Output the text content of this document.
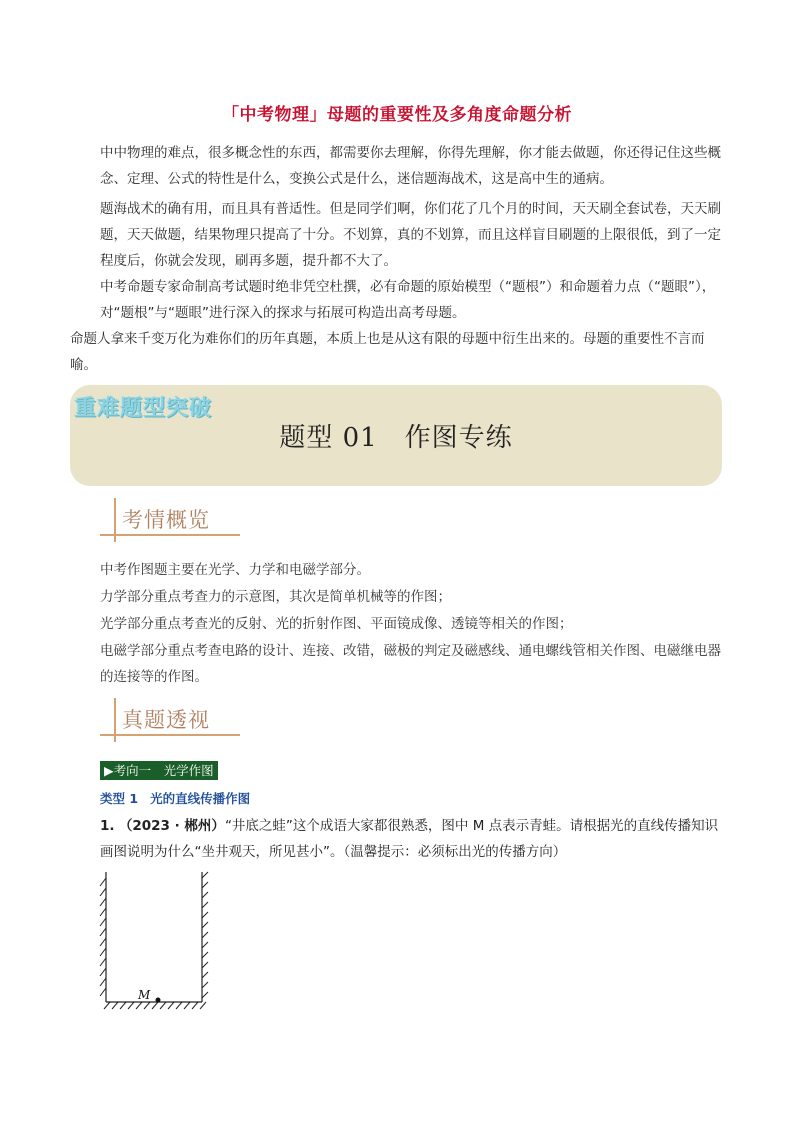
「中考物理」母题的重要性及多角度命题分析
中中物理的难点，很多概念性的东西，都需要你去理解，你得先理解，你才能去做题，你还得记住这些概念、定理、公式的特性是什么，变换公式是什么，迷信题海战术，这是高中生的通病。
题海战术的确有用，而且具有普适性。但是同学们啊，你们花了几个月的时间，天天刷全套试卷，天天刷题，天天做题，结果物理只提高了十分。不划算，真的不划算，而且这样盲目刷题的上限很低，到了一定程度后，你就会发现，刷再多题，提升都不大了。
中考命题专家命制高考试题时绝非凭空杜撰，必有命题的原始模型（“题根”）和命题着力点（“题眼”），对“题根”与“题眼”进行深入的探求与拓展可构造出高考母题。
命题人拿来千变万化为难你们的历年真题，本质上也是从这有限的母题中衍生出来的。母题的重要性不言而喻。
重难题型突破
题型 01　作图专练
考情概览
中考作图题主要在光学、力学和电磁学部分。
力学部分重点考查力的示意图，其次是简单机械等的作图；
光学部分重点考查光的反射、光的折射作图、平面镜成像、透镜等相关的作图；
电磁学部分重点考查电路的设计、连接、改错，磁极的判定及磁感线、通电螺线管相关作图、电磁继电器的连接等的作图。
真题透视
▶考向一　光学作图
类型 1 光的直线传播作图
1. （2023 · 郴州）“井底之蛙”这个成语大家都很熟悉，图中 M 点表示青蛙。请根据光的直线传播知识画图说明为什么“坐井观天，所见甚小”。（温馨提示：必须标出光的传播方向）
M
